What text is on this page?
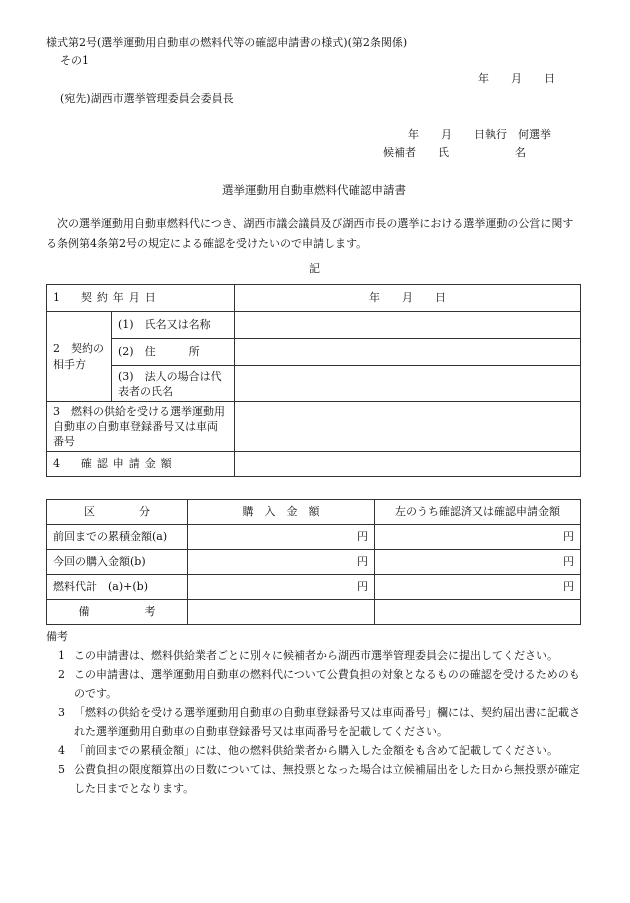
様式第2号(選挙運動用自動車の燃料代等の確認申請書の様式)(第2条関係)
その1
年　　月　　日
(宛先)湖西市選挙管理委員会委員長
年　　月　　日執行　何選挙
候補者　　氏　　　　　　名
選挙運動用自動車燃料代確認申請書
次の選挙運動用自動車燃料代につき、湖西市議会議員及び湖西市長の選挙における選挙運動の公営に関する条例第4条第2号の規定による確認を受けたいので申請します。
記
1　契約年月日		年　　月　　日
2　契約の相手方	(1)　氏名又は名称	
	(2)　住　　　所	
	(3)　法人の場合は代表者の氏名	
3　燃料の供給を受ける選挙運動用自動車の自動車登録番号又は車両番号		
4　確認申請金額		
区　　　　分	購　入　金　額	左のうち確認済又は確認申請金額
前回までの累積金額(a)	円	円
今回の購入金額(b)	円	円
燃料代計　(a)+(b)	円	円
備　　　　　考		
備考
1 この申請書は、燃料供給業者ごとに別々に候補者から湖西市選挙管理委員会に提出してください。
2 この申請書は、選挙運動用自動車の燃料代について公費負担の対象となるものの確認を受けるためのものです。
3 「燃料の供給を受ける選挙運動用自動車の自動車登録番号又は車両番号」欄には、契約届出書に記載された選挙運動用自動車の自動車登録番号又は車両番号を記載してください。
4 「前回までの累積金額」には、他の燃料供給業者から購入した金額をも含めて記載してください。
5 公費負担の限度額算出の日数については、無投票となった場合は立候補届出をした日から無投票が確定した日までとなります。
